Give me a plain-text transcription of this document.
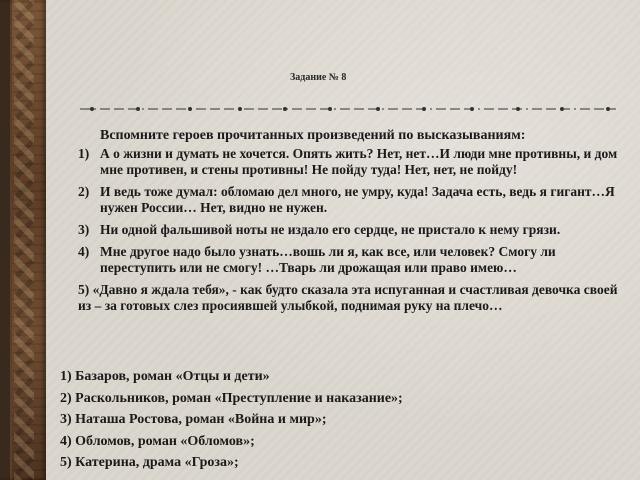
Задание № 8
Вспомните героев прочитанных произведений по высказываниям:
1) А о жизни и думать не хочется. Опять жить? Нет, нет…И люди мне противны, и дом мне противен, и стены противны! Не пойду туда! Нет, нет, не пойду!
2) И ведь тоже думал: обломаю дел много, не умру, куда! Задача есть, ведь я гигант…Я нужен России… Нет, видно не нужен.
3) Ни одной фальшивой ноты не издало его сердце, не пристало к нему грязи.
4) Мне другое надо было узнать…вошь ли я, как все, или человек? Смогу ли переступить или не смогу! …Тварь ли дрожащая или право имею…
5) «Давно я ждала тебя», - как будто сказала эта испуганная и счастливая девочка своей из – за готовых слез просиявшей улыбкой, поднимая руку на плечо…
1) Базаров, роман «Отцы и дети»
2) Раскольников, роман «Преступление и наказание»;
3) Наташа Ростова, роман «Война и мир»;
4) Обломов, роман «Обломов»;
5) Катерина, драма «Гроза»;
